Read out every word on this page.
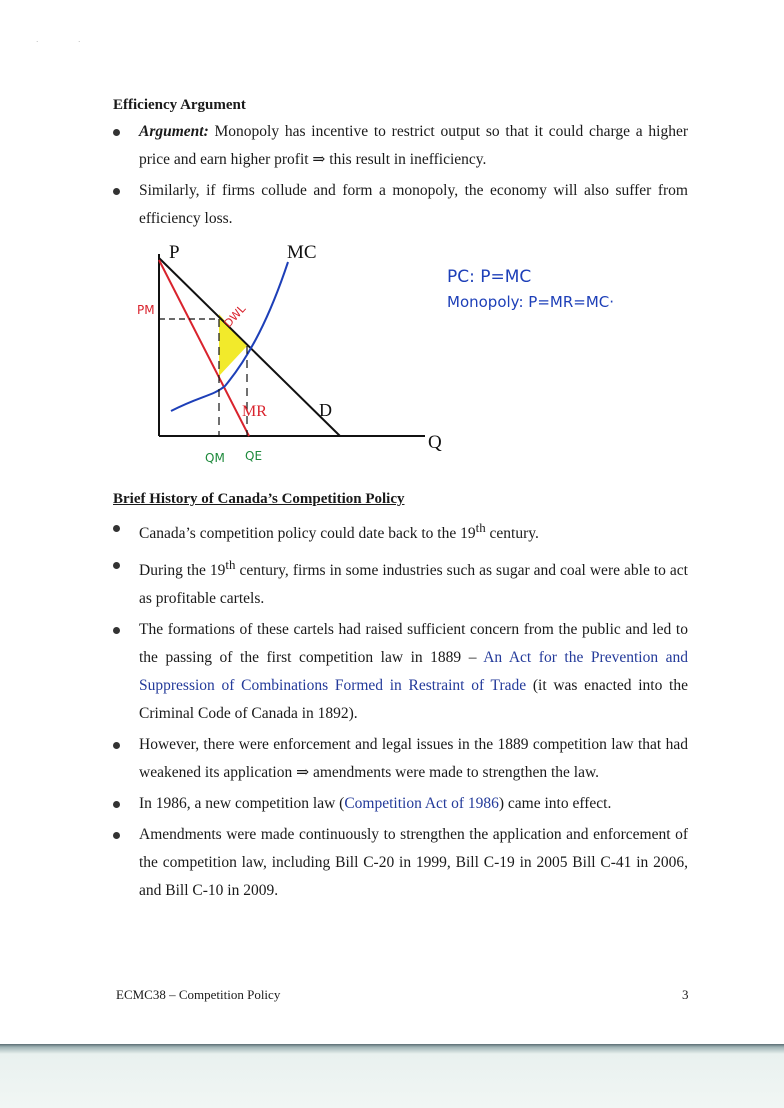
·	·
Efficiency Argument
Argument: Monopoly has incentive to restrict output so that it could charge a higher price and earn higher profit ⇒ this result in inefficiency.
Similarly, if firms collude and form a monopoly, the economy will also suffer from efficiency loss.
P	MC
Q
MR	D
PM	DWL
QM QE
PC: P=MC
Monopoly: P=MR=MC·
Brief History of Canada’s Competition Policy
Canada’s competition policy could date back to the 19th century.
During the 19th century, firms in some industries such as sugar and coal were able to act as profitable cartels.
The formations of these cartels had raised sufficient concern from the public and led to the passing of the first competition law in 1889 – An Act for the Prevention and Suppression of Combinations Formed in Restraint of Trade (it was enacted into the Criminal Code of Canada in 1892).
However, there were enforcement and legal issues in the 1889 competition law that had weakened its application ⇒ amendments were made to strengthen the law.
In 1986, a new competition law (Competition Act of 1986) came into effect.
Amendments were made continuously to strengthen the application and enforcement of the competition law, including Bill C-20 in 1999, Bill C-19 in 2005 Bill C-41 in 2006, and Bill C-10 in 2009.
ECMC38 – Competition Policy	3
